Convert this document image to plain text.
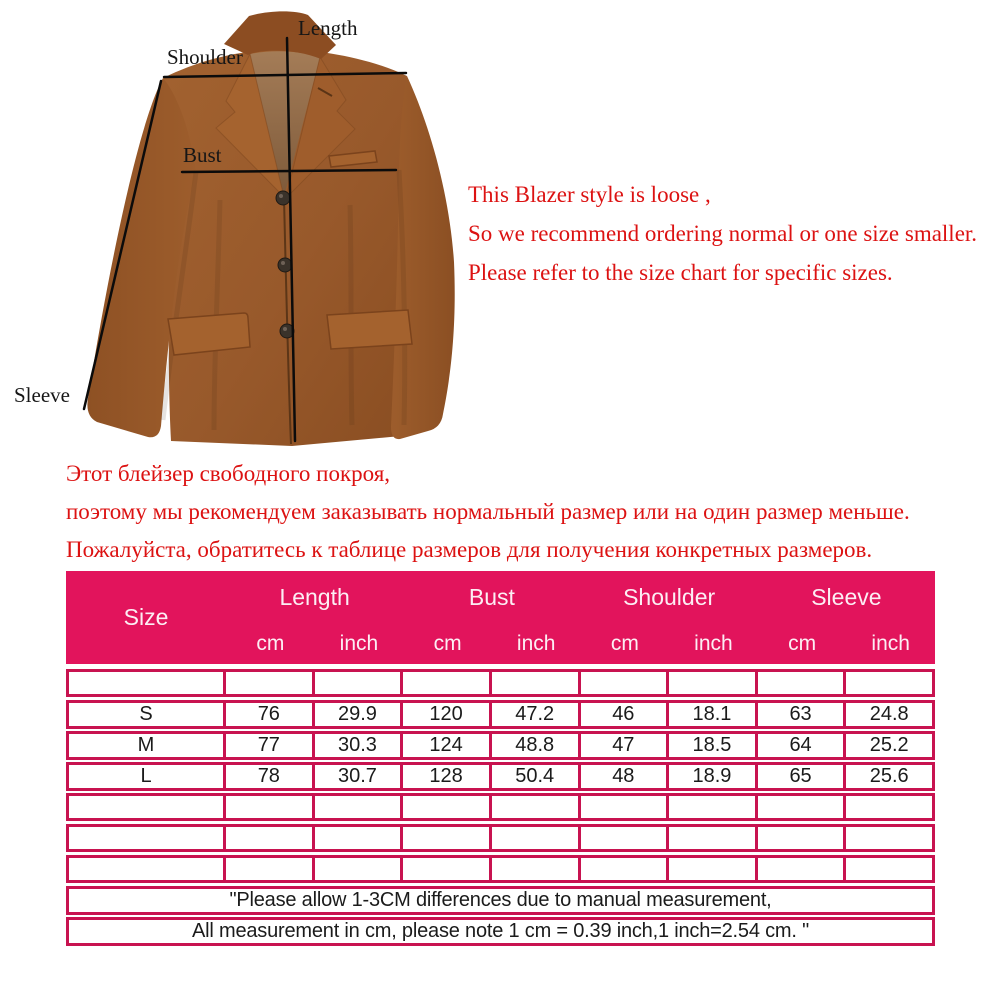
Length
Shoulder
Bust
Sleeve
This Blazer style is loose ,
So we recommend ordering normal or one size smaller.
Please refer to the size chart for specific sizes.
Этот блейзер свободного покроя,
поэтому мы рекомендуем заказывать нормальный размер или на один размер меньше.
Пожалуйста, обратитесь к таблице размеров для получения конкретных размеров.
Size
Length	Bust	Shoulder	Sleeve
cm	inch	cm	inch	cm	inch	cm	inch
S	76	29.9	120	47.2	46	18.1	63	24.8
M	77	30.3	124	48.8	47	18.5	64	25.2
L	78	30.7	128	50.4	48	18.9	65	25.6
"Please allow 1-3CM differences due to manual measurement,
All measurement in cm, please note 1 cm = 0.39 inch,1 inch=2.54 cm. "
